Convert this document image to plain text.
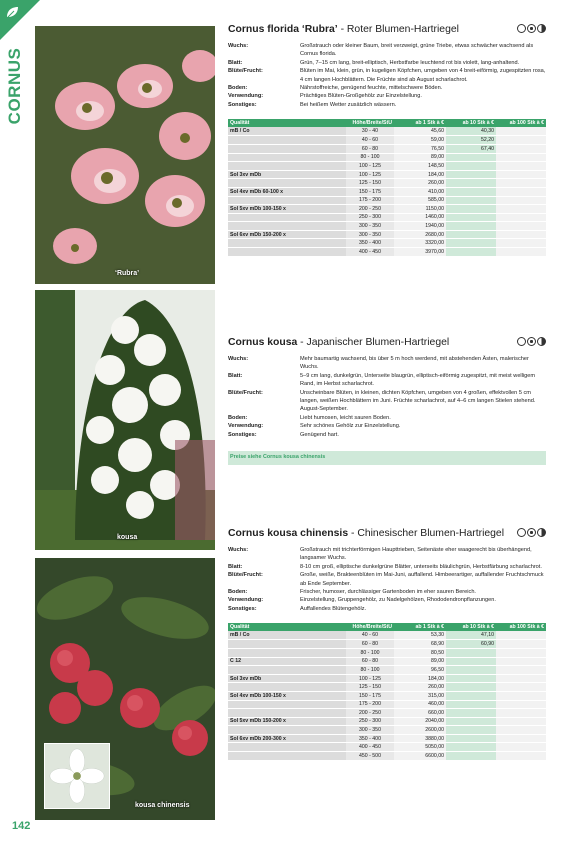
CORNUS
‘Rubra’
kousa
kousa chinensis
142
Cornus florida ‘Rubra’ - Roter Blumen-Hartriegel
Wuchs:	Großstrauch oder kleiner Baum, breit verzweigt, grüne Triebe, etwas schwächer wachsend als Cornus florida.
Blatt:	Grün, 7–15 cm lang, breit-elliptisch, Herbstfarbe leuchtend rot bis violett, lang-anhaltend.
Blüte/Frucht:	Blüten im Mai, klein, grün, in kugeligen Köpfchen, umgeben von 4 breit-eiförmig, zugespitzten rosa, 4 cm langen Hochblättern. Die Früchte sind ab August scharlachrot.
Boden:	Nährstoffreiche, genügend feuchte, mittelschwere Böden.
Verwendung:	Prächtiges Blüten-Großgehölz zur Einzelstellung.
Sonstiges:	Bei heißem Wetter zusätzlich wässern.
Qualität	Höhe/Breite/StU	ab 1 Stk à €	ab 10 Stk à €	ab 100 Stk à €
mB / Co	30 - 40	45,60	40,30	
	40 - 60	59,00	52,20	
	60 - 80	76,50	67,40	
	80 - 100	89,00		
	100 - 125	148,50		
Sol 3xv mDb	100 - 125	184,00		
	125 - 150	260,00		
Sol 4xv mDb 60-100 x	150 - 175	410,00		
	175 - 200	585,00		
Sol 5xv mDb 100-150 x	200 - 250	1150,00		
	250 - 300	1460,00		
	300 - 350	1940,00		
Sol 6xv mDb 150-200 x	300 - 350	2680,00		
	350 - 400	3320,00		
	400 - 450	3970,00		
Cornus kousa - Japanischer Blumen-Hartriegel
Wuchs:	Mehr baumartig wachsend, bis über 5 m hoch werdend, mit abstehenden Ästen, malerischer Wuchs.
Blatt:	5–9 cm lang, dunkelgrün, Unterseite blaugrün, elliptisch-eiförmig zugespitzt, mit meist welligem Rand, im Herbst scharlachrot.
Blüte/Frucht:	Unscheinbare Blüten, in kleinen, dichten Köpfchen, umgeben von 4 großen, effektvollen 5 cm langen, weißen Hochblättern im Juni. Früchte scharlachrot, auf 4–6 cm langen Stielen stehend. August-September.
Boden:	Liebt humosen, leicht sauren Boden.
Verwendung:	Sehr schönes Gehölz zur Einzelstellung.
Sonstiges:	Genügend hart.
Preise siehe Cornus kousa chinensis
Cornus kousa chinensis - Chinesischer Blumen-Hartriegel
Wuchs:	Großstrauch mit trichterförmigen Haupttrieben, Seitenäste eher waagerecht bis überhängend, langsamer Wuchs.
Blatt:	8-10 cm groß, elliptische dunkelgrüne Blätter, unterseits bläulichgrün, Herbstfärbung scharlachrot.
Blüte/Frucht:	Große, weiße, Brakteenblüten im Mai-Juni, auffallend. Himbeerartiger, auffallender Fruchtschmuck ab Ende September.
Boden:	Frischer, humoser, durchlässiger Gartenboden im eher sauren Bereich.
Verwendung:	Einzelstellung, Gruppengehölz, zu Nadelgehölzen, Rhododendronpflanzungen.
Sonstiges:	Auffallendes Blütengehölz.
Qualität	Höhe/Breite/StU	ab 1 Stk à €	ab 10 Stk à €	ab 100 Stk à €
mB / Co	40 - 60	53,30	47,10	
	60 - 80	68,90	60,90	
	80 - 100	80,50		
C 12	60 - 80	89,00		
	80 - 100	96,50		
Sol 3xv mDb	100 - 125	184,00		
	125 - 150	260,00		
Sol 4xv mDb 100-150 x	150 - 175	315,00		
	175 - 200	460,00		
	200 - 250	660,00		
Sol 5xv mDb 150-200 x	250 - 300	2040,00		
	300 - 350	2600,00		
Sol 6xv mDb 200-300 x	350 - 400	3880,00		
	400 - 450	5050,00		
	450 - 500	6600,00		
